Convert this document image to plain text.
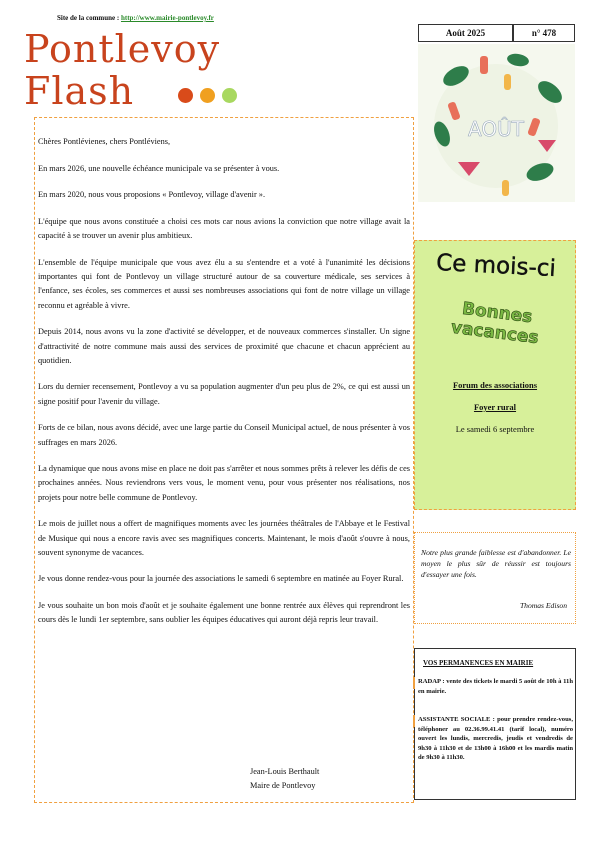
Site de la commune : http://www.mairie-pontlevoy.fr
Pontlevoy
Flash
Août 2025	n° 478
AOÛT

Chères Pontlévienes, chers Pontléviens,

En mars 2026, une nouvelle échéance municipale va se présenter à vous.

En mars 2020, nous vous proposions « Pontlevoy, village d'avenir ».

L'équipe que nous avons constituée a choisi ces mots car nous avions la conviction que notre village avait la capacité à se trouver un avenir plus ambitieux.

L'ensemble de l'équipe municipale que vous avez élu a su s'entendre et a voté à l'unanimité les décisions importantes qui font de Pontlevoy un village structuré autour de sa couverture médicale, ses services à l'enfance, ses écoles, ses commerces et aussi ses nombreuses associations qui font de notre village un village reconnu et agréable à vivre.

Depuis 2014, nous avons vu la zone d'activité se développer, et de nouveaux commerces s'installer. Un signe d'attractivité de notre commune mais aussi des services de proximité que chacune et chacun apprécient au quotidien.

Lors du dernier recensement, Pontlevoy a vu sa population augmenter d'un peu plus de 2%, ce qui est aussi un signe positif pour l'avenir du village.

Forts de ce bilan, nous avons décidé, avec une large partie du Conseil Municipal actuel, de nous présenter à vos suffrages en mars 2026.

La dynamique que nous avons mise en place ne doit pas s'arrêter et nous sommes prêts à relever les défis de ces prochaines années. Nous reviendrons vers vous, le moment venu, pour vous présenter nos réalisations, nos projets pour notre belle commune de Pontlevoy.

Le mois de juillet nous a offert de magnifiques moments avec les journées théâtrales de l'Abbaye et le Festival de Musique qui nous a encore ravis avec ses magnifiques concerts. Maintenant, le mois d'août s'ouvre à nous, souvent synonyme de vacances.

Je vous donne rendez-vous pour la journée des associations le samedi 6 septembre en matinée au Foyer Rural.

Je vous souhaite un bon mois d'août et je souhaite également une bonne rentrée aux élèves qui reprendront les cours dès le lundi 1er septembre, sans oublier les équipes éducatives qui auront déjà repris leur travail.

Jean-Louis Berthault
Maire de Pontlevoy
Ce mois-ci
Bonnes vacances
Forum des associations
Foyer rural
Le samedi 6 septembre
Notre plus grande faiblesse est d'abandonner. Le moyen le plus sûr de réussir est toujours d'essayer une fois.
Thomas Edison
VOS PERMANENCES EN MAIRIE
RADAP : vente des tickets le mardi 5 août de 10h à 11h en mairie.
ASSISTANTE SOCIALE : pour prendre rendez-vous, téléphoner au 02.36.99.41.41 (tarif local), numéro ouvert les lundis, mercredis, jeudis et vendredis de 9h30 à 11h30 et de 13h00 à 16h00 et les mardis matin de 9h30 à 11h30.
